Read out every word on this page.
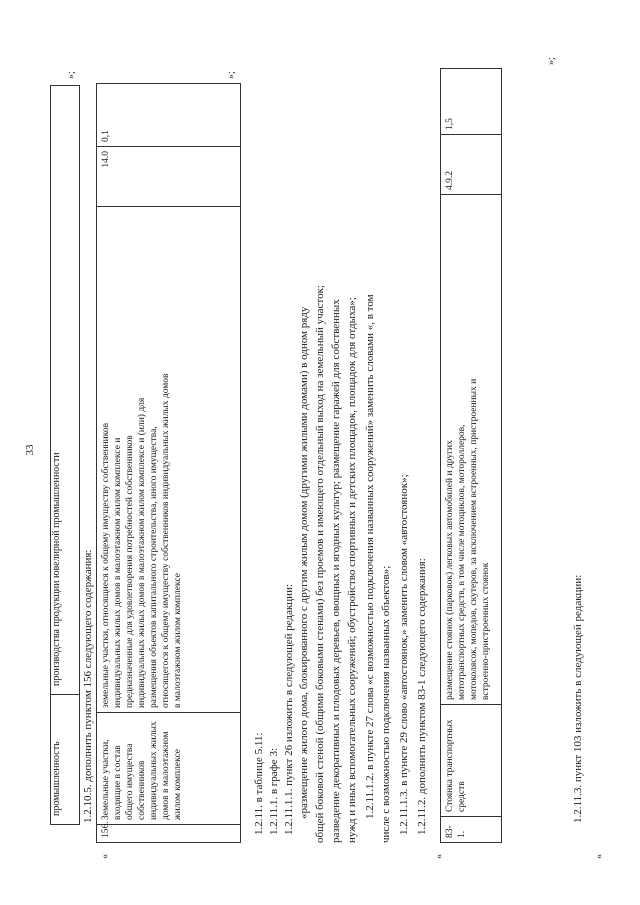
33
промышленность
производства продукции ювелирной промышленности
»;
1.2.10.5. дополнить пунктом 156 следующего содержания:
«
156.
Земельные участки,
входящие в состав
общего имущества
собственников
индивидуальных жилых
домов в малоэтажном
жилом комплексе
земельные участки, относящиеся к общему имуществу собственников
индивидуальных жилых домов в малоэтажном жилом комплексе и
предназначенные для удовлетворения потребностей собственников
индивидуальных жилых домов в малоэтажном жилом комплексе и (или) для
размещения объектов капитального строительства, иного имущества,
относящегося к общему имуществу собственников индивидуальных жилых домов
в малоэтажном жилом комплексе
14.0
0,1
»;
1.2.11. в таблице 5.11: 1.2.11.1. в графе 3: 1.2.11.1.1. пункт 26 изложить в следующей редакции: «размещение жилого дома, блокированного с другим жилым домом (другими жилыми домами) в одном ряду общей боковой стеной (общими боковыми стенами) без проемов и имеющего отдельный выход на земельный участок; разведение декоративных и плодовых деревьев, овощных и ягодных культур; размещение гаражей для собственных нужд и иных вспомогательных сооружений; обустройство спортивных и детских площадок, площадок для отдыха»; 1.2.11.1.2. в пункте 27 слова «с возможностью подключения названных сооружений» заменить словами «, в том числе с возможностью подключения названных объектов»; 1.2.11.1.3. в пункте 29 слово «автостоянок,» заменить словом «автостоянок»; 1.2.11.2. дополнить пунктом 83-1 следующего содержания:
«
83-1.
Стоянка транспортных
средств
размещение стоянок (парковок) легковых автомобилей и других
мототранспортных средств, в том числе мотоциклов, мотороллеров,
мотоколясок, мопедов, скутеров, за исключением встроенных, пристроенных и
встроенно-пристроенных стоянок
4.9.2
1,5
»;
1.2.11.3. пункт 103 изложить в следующей редакции:
«
